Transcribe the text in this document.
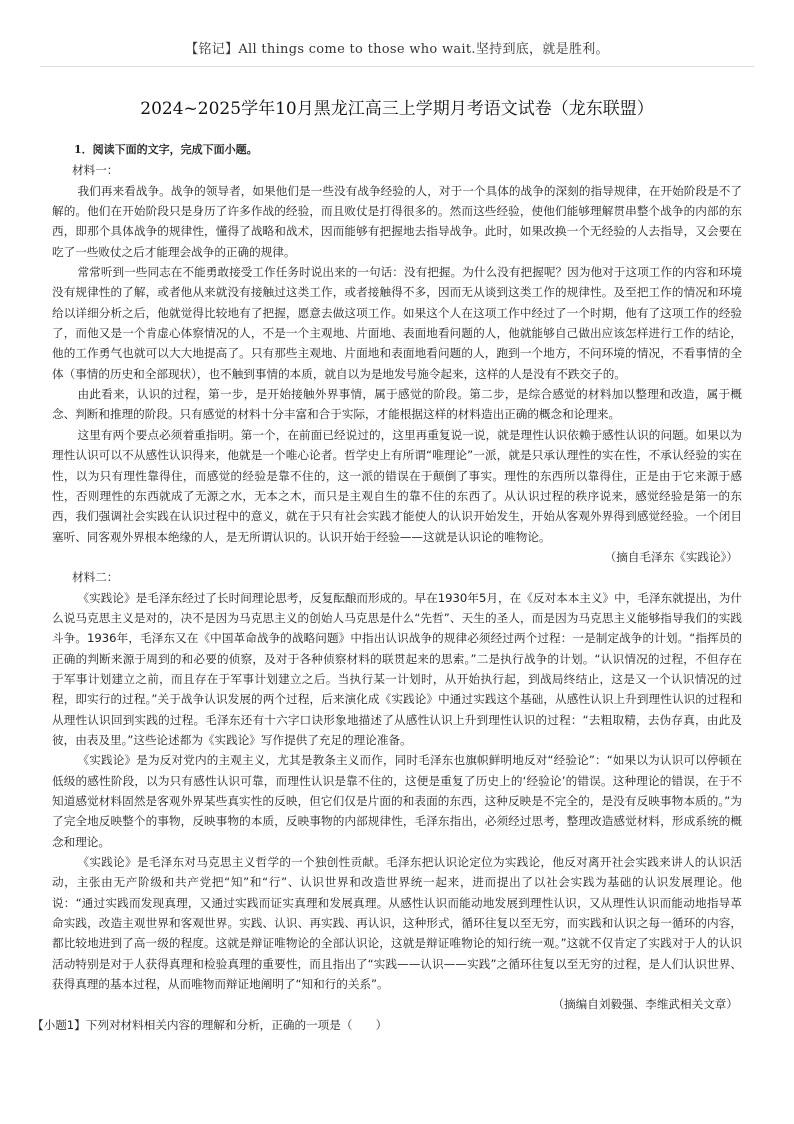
【铭记】All things come to those who wait.坚持到底，就是胜利。
2024~2025学年10月黑龙江高三上学期月考语文试卷（龙东联盟）

1．阅读下面的文字，完成下面小题。

材料一：

我们再来看战争。战争的领导者，如果他们是一些没有战争经验的人，对于一个具体的战争的深刻的指导规律，在开始阶段是不了解的。他们在开始阶段只是身历了许多作战的经验，而且败仗是打得很多的。然而这些经验，使他们能够理解贯串整个战争的内部的东西，即那个具体战争的规律性，懂得了战略和战术，因而能够有把握地去指导战争。此时，如果改换一个无经验的人去指导，又会要在吃了一些败仗之后才能理会战争的正确的规律。

常常听到一些同志在不能勇敢接受工作任务时说出来的一句话：没有把握。为什么没有把握呢？因为他对于这项工作的内容和环境没有规律性的了解，或者他从来就没有接触过这类工作，或者接触得不多，因而无从谈到这类工作的规律性。及至把工作的情况和环境给以详细分析之后，他就觉得比较地有了把握，愿意去做这项工作。如果这个人在这项工作中经过了一个时期，他有了这项工作的经验了，而他又是一个肯虚心体察情况的人，不是一个主观地、片面地、表面地看问题的人，他就能够自己做出应该怎样进行工作的结论，他的工作勇气也就可以大大地提高了。只有那些主观地、片面地和表面地看问题的人，跑到一个地方，不问环境的情况，不看事情的全体（事情的历史和全部现状），也不触到事情的本质，就自以为是地发号施令起来，这样的人是没有不跌交子的。

由此看来，认识的过程，第一步，是开始接触外界事情，属于感觉的阶段。第二步，是综合感觉的材料加以整理和改造，属于概念、判断和推理的阶段。只有感觉的材料十分丰富和合于实际，才能根据这样的材料造出正确的概念和论理来。

这里有两个要点必须着重指明。第一个，在前面已经说过的，这里再重复说一说，就是理性认识依赖于感性认识的问题。如果以为理性认识可以不从感性认识得来，他就是一个唯心论者。哲学史上有所谓“唯理论”一派，就是只承认理性的实在性，不承认经验的实在性，以为只有理性靠得住，而感觉的经验是靠不住的，这一派的错误在于颠倒了事实。理性的东西所以靠得住，正是由于它来源于感性，否则理性的东西就成了无源之水，无本之木，而只是主观自生的靠不住的东西了。从认识过程的秩序说来，感觉经验是第一的东西，我们强调社会实践在认识过程中的意义，就在于只有社会实践才能使人的认识开始发生，开始从客观外界得到感觉经验。一个闭目塞听、同客观外界根本绝缘的人，是无所谓认识的。认识开始于经验——这就是认识论的唯物论。

（摘自毛泽东《实践论》）

材料二：

《实践论》是毛泽东经过了长时间理论思考，反复酝酿而形成的。早在1930年5月，在《反对本本主义》中，毛泽东就提出，为什么说马克思主义是对的，决不是因为马克思主义的创始人马克思是什么“先哲”、天生的圣人，而是因为马克思主义能够指导我们的实践斗争。1936年，毛泽东又在《中国革命战争的战略问题》中指出认识战争的规律必须经过两个过程：一是制定战争的计划。“指挥员的正确的判断来源于周到的和必要的侦察，及对于各种侦察材料的联贯起来的思索。”二是执行战争的计划。“认识情况的过程，不但存在于军事计划建立之前，而且存在于军事计划建立之后。当执行某一计划时，从开始执行起，到战局终结止，这是又一个认识情况的过程，即实行的过程。”关于战争认识发展的两个过程，后来演化成《实践论》中通过实践这个基础，从感性认识上升到理性认识的过程和从理性认识回到实践的过程。毛泽东还有十六字口诀形象地描述了从感性认识上升到理性认识的过程：“去粗取精，去伪存真，由此及彼，由表及里。”这些论述都为《实践论》写作提供了充足的理论准备。

《实践论》是为反对党内的主观主义，尤其是教条主义而作，同时毛泽东也旗帜鲜明地反对“经验论”：“如果以为认识可以停顿在低级的感性阶段，以为只有感性认识可靠，而理性认识是靠不住的，这便是重复了历史上的‘经验论’的错误。这种理论的错误，在于不知道感觉材料固然是客观外界某些真实性的反映，但它们仅是片面的和表面的东西，这种反映是不完全的，是没有反映事物本质的。”为了完全地反映整个的事物，反映事物的本质，反映事物的内部规律性，毛泽东指出，必须经过思考，整理改造感觉材料，形成系统的概念和理论。

《实践论》是毛泽东对马克思主义哲学的一个独创性贡献。毛泽东把认识论定位为实践论，他反对离开社会实践来讲人的认识活动，主张由无产阶级和共产党把“知”和“行”、认识世界和改造世界统一起来，进而提出了以社会实践为基础的认识发展理论。他说：“通过实践而发现真理，又通过实践而证实真理和发展真理。从感性认识而能动地发展到理性认识，又从理性认识而能动地指导革命实践，改造主观世界和客观世界。实践、认识、再实践、再认识，这种形式，循环往复以至无穷，而实践和认识之每一循环的内容，都比较地进到了高一级的程度。这就是辩证唯物论的全部认识论，这就是辩证唯物论的知行统一观。”这就不仅肯定了实践对于人的认识活动特别是对于人获得真理和检验真理的重要性，而且指出了“实践——认识——实践”之循环往复以至无穷的过程，是人们认识世界、获得真理的基本过程，从而唯物而辩证地阐明了“知和行的关系”。

（摘编自刘毅强、李维武相关文章）

【小题1】下列对材料相关内容的理解和分析，正确的一项是（　　）
